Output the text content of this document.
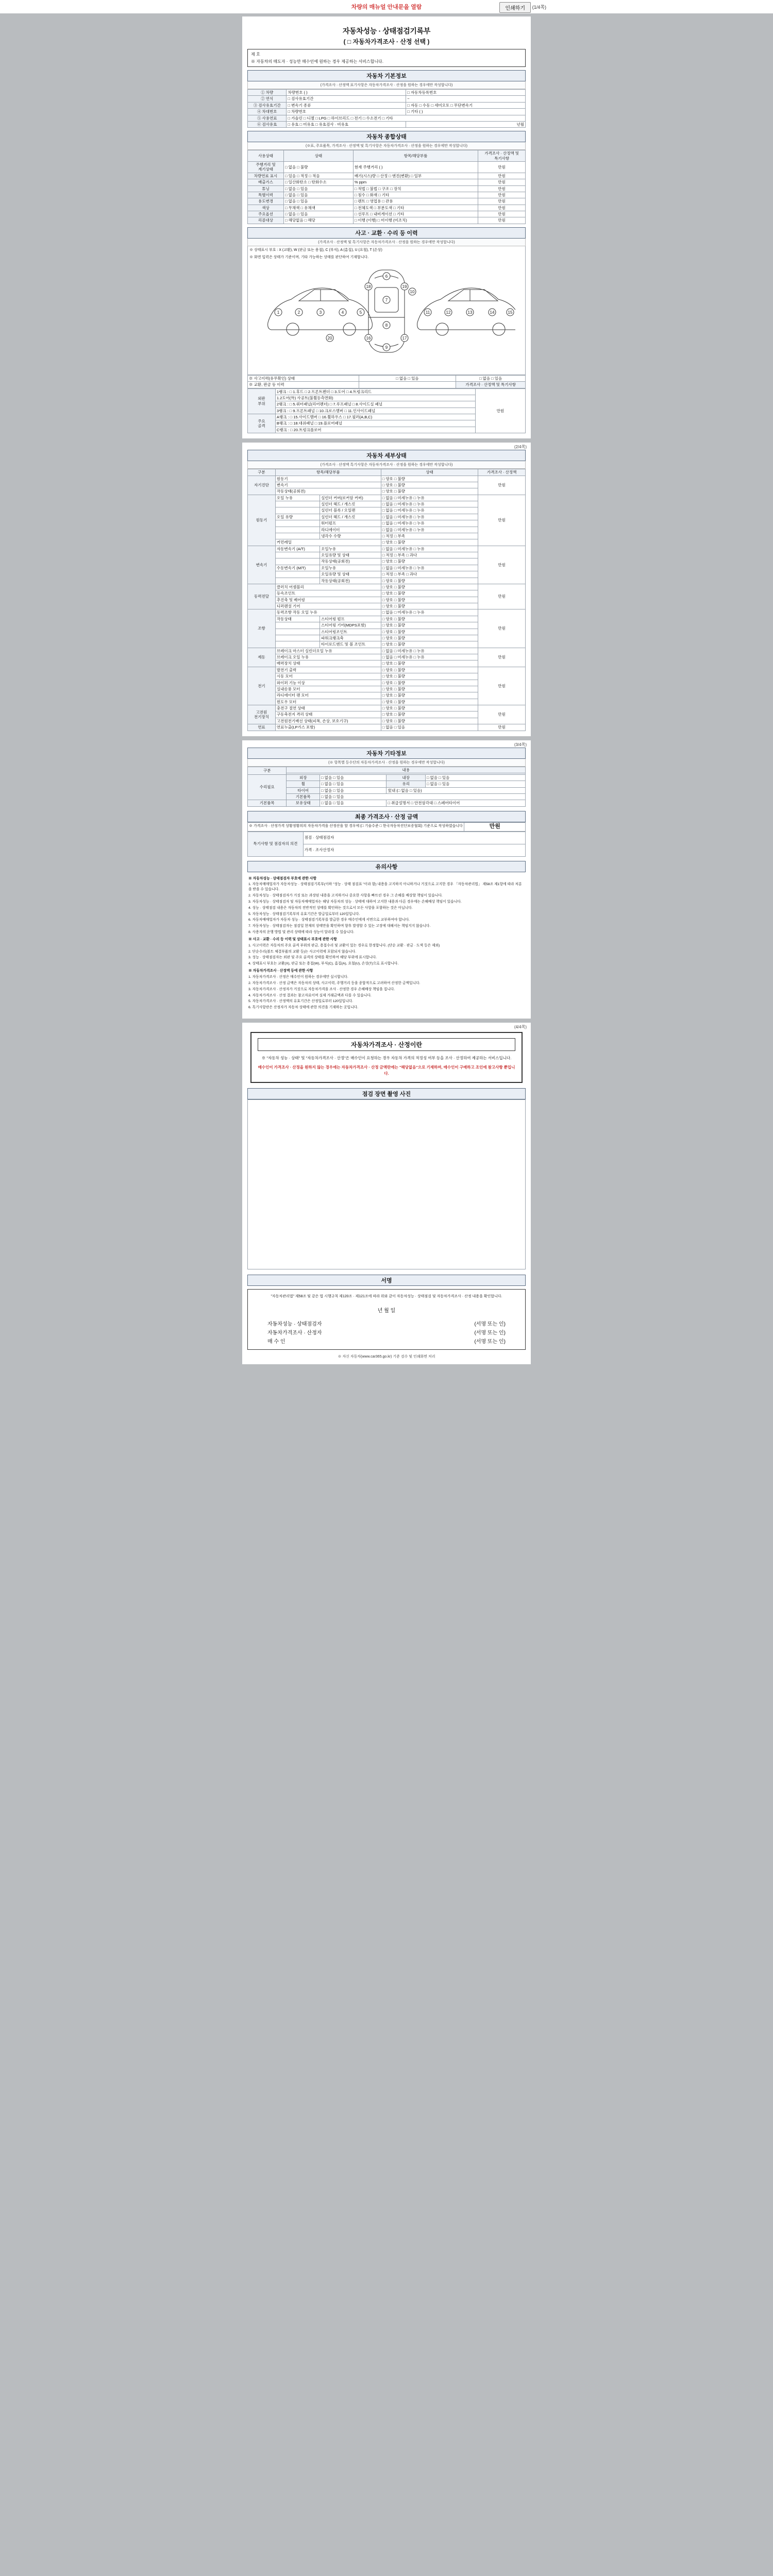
차량의 매뉴얼 안내문을 열람	인쇄하기	(1/4쪽)
자동차성능 · 상태점검기록부
( □ 자동차가격조사 · 산정 선택 )
제 호
※ 자동차의 매도자 · 성능만 매수인에 원하는 경우 제공하는 서비스합니다.
자동차 기본정보
(가격조사 · 산정액 표기사항은 자동차가격조사 · 산정을 원하는 경우에만 작성합니다)
① 차량	차량번호 ( )	□ 자동차등록번호
② 연식	□ 검사유효기간	~
③ 검사유효기간	□ 변속기 종류	□ 자동 □ 수동 □ 세미오토 □ 무단변속기
④ 차대번호	□ 차량번호	□ 기타 ( )
⑤ 사용연료	□ 가솔린 □ 디젤 □ LPG □ 하이브리드 □ 전기 □ 수소전기 □ 기타	
⑥ 검사유효	□ 유효 □ 미유효 □ 유효검사 · 비유효	년월
자동차 종합상태
(※표, 주요품목, 가격조사 · 산정액 및 특기사항은 자동차가격조사 · 산정을 원하는 경우에만 작성합니다)
사용상태	상태	항목/해당부품	가격조사 · 산정액 및 특기사항
주행거리 및 계기상태	□ 없음 □ 불량	현재 주행거리 ( )	만원
차량연료 표시	□ 있음 □ 적정 □ 적음	배기(시스)량 □ 산정 □ 엔진(변환) □ 일부	만원
배출가스	□ 일산화탄소 □ 탄화수소	% ppm	만원
튜닝	□ 없음 □ 있음	□ 적법 □ 불법 □ 구조 □ 장치	만원
특별이력	□ 없음 □ 있음	□ 침수 □ 화재 □ 기타	만원
용도변경	□ 없음 □ 있음	□ 렌트 □ 영업용 □ 관용	만원
색상	□ 무채색 □ 유채색	□ 전체도색 □ 부분도색 □ 기타	만원
주요옵션	□ 없음 □ 있음	□ 선루프 □ 내비게이션 □ 기타	만원
리콜대상	□ 해당없음 □ 해당	□ 이행 (이행) □ 미이행 (미조치)	만원
사고 · 교환 · 수리 등 이력
(가격조사 · 산정액 및 특기사항은 자동차가격조사 · 산정을 원하는 경우에만 작성합니다)
※ 상태표시 부호 : X (교환), W (판금 또는 용접), C (부식), A (흠집), U (요철), T (손상)
※ 화면 입력은 상태가 기준이며, 기타 가능하는 상태를 판단하여 기재합니다.
1	2	3	4	5
6
7
8
9
10
11	12	13	14	15
16	17
18	19
20
※ 사고이력(유무확인) 상태	□ 없음 □ 있음	□ 없음 □ 있음
※ 교환, 판금 등 이력		가격조사 · 산정액 및 특기사항
외판
부위	1랭크 : □ 1.후드 □ 2.프론트펜더 □ 3.도어 □ 4.트렁크리드	만원
	1.2도어(外) 사공트(불휠등측면화)	
	2랭크 : □ 5.쿼터패널(리어펜더) □ 7.루프패널 □ 8.사이드실 패널	
	3랭크 : □ 9.프론트패널 □ 10.크로스멤버 □ 11.인사이드패널	
주요
골격	A랭크 : □ 15.사이드멤버 □ 16.휠하우스 □ 17.필러(A,B,C)	
	B랭크 : □ 18.대쉬패널 □ 19.플로어패널	
	C랭크 : □ 20.트렁크플로어	
(2/4쪽)
자동차 세부상태
(가격조사 · 산정액 특기사항은 자동차가격조사 · 산정을 원하는 경우에만 작성합니다)
구분	항목/해당부품		상태	가격조사 · 산정액
자기진단	원동기		□ 양호 □ 불량	만원
	변속기		□ 양호 □ 불량	
	작동상태(공회전)		□ 양호 □ 불량	
원동기	오일 누유	실린더 커버(로커암 커버)	□ 없음 □ 미세누유 □ 누유	만원
		실린더 헤드 / 개스킷	□ 없음 □ 미세누유 □ 누유	
		실린더 블록 / 오일팬	□ 없음 □ 미세누유 □ 누유	
	오일 유량	실린더 헤드 / 개스킷	□ 없음 □ 미세누유 □ 누유	
		워터펌프	□ 없음 □ 미세누유 □ 누유	
		라디에이터	□ 없음 □ 미세누유 □ 누유	
		냉각수 수량	□ 적정 □ 부족	
	커먼레일		□ 양호 □ 불량	
변속기	자동변속기 (A/T)	오일누유	□ 없음 □ 미세누유 □ 누유	만원
		오일유량 및 상태	□ 적정 □ 부족 □ 과다	
		작동상태(공회전)	□ 양호 □ 불량	
	수동변속기 (M/T)	오일누유	□ 없음 □ 미세누유 □ 누유	
		오일유량 및 상태	□ 적정 □ 부족 □ 과다	
		작동상태(공회전)	□ 양호 □ 불량	
동력전달	클러치 어셈블리		□ 양호 □ 불량	만원
	등속조인트		□ 양호 □ 불량	
	추진축 및 베어링		□ 양호 □ 불량	
	디퍼렌셜 기어		□ 양호 □ 불량	
조향	동력조향 작동 오일 누유		□ 없음 □ 미세누유 □ 누유	만원
	작동상태	스티어링 펌프	□ 양호 □ 불량	
		스티어링 기어(MDPS포함)	□ 양호 □ 불량	
		스티어링조인트	□ 양호 □ 불량	
		파워크랭크축	□ 양호 □ 불량	
		타이로드엔드 및 볼 조인트	□ 양호 □ 불량	
제동	브레이크 마스터 실린더오일 누유		□ 없음 □ 미세누유 □ 누유	만원
	브레이크 오일 누유		□ 없음 □ 미세누유 □ 누유	
	배력장치 상태		□ 양호 □ 불량	
전기	발전기 출력		□ 양호 □ 불량	만원
	시동 모터		□ 양호 □ 불량	
	와이퍼 기능 이상		□ 양호 □ 불량	
	실내송풍 모터		□ 양호 □ 불량	
	라디에이터 팬 모터		□ 양호 □ 불량	
	윈도우 모터		□ 양호 □ 불량	
고전원 전기장치	충전구 절연 상태		□ 양호 □ 불량	만원
	구동축전지 격리 상태		□ 양호 □ 불량	
	고전원전기배선 상태(피복, 손상, 보호기구)		□ 양호 □ 불량	
연료	연료누출(LP가스 포함)		□ 없음 □ 있음	만원
(3/4쪽)
자동차 기타정보
(※ 항목별 등수단의 자동차가격조사 · 산정을 원하는 경우에만 작성합니다)
구분	내용			

수리필요	외장	□ 없음 □ 있음	내장	□ 없음 □ 있음
	휠	□ 없음 □ 있음	유리	□ 없음 □ 있음
	타이어	□ 없음 □ 있음	室내 (□ 없음 □ 있음)	
	기본품목	□ 없음 □ 있음		
기본품목	보유상태	□ 없음 □ 있음	□ 취급설명서 □ 안전삼각대 □ 스페어타이어	
최종 가격조사 · 산정 금액
※ 가격조사 · 산정가격 상황정황의의 자동차가격을 산정산을 할 경우에 (□ 기술수준 □ 한국자동차진단보증협회) 기준으로 작성하였습니다	만원
특기사항 및 점검자의 의견	점검 · 상태점검자
가격 · 조사산정자
유의사항

※ 자동차성능 · 상태점검자 부호에 관한 사항

1. 자동차매매업자가 자동차성능 · 상태점검기록부(이하 "성능 · 상태 점검표 "이라 함) 내용을 고지하지 아니하거나 거짓으로 고지한 경우 「자동차관리법」 제58조 제1항에 따라 처분을 받을 수 있습니다.

2. 자동차성능 · 상태점검자가 거짓 또는 과장된 내용을 고지하거나 중요한 사항을 빠뜨린 경우 그 손해를 배상할 책임이 있습니다.

3. 자동차성능 · 상태점검자 및 자동차매매업자는 해당 자동차의 성능 · 상태에 대하여 고지한 내용과 다른 경우에는 손해배상 책임이 있습니다.

4. 성능 · 상태점검 내용은 자동차의 전반적인 상태를 확인하는 것으로서 모든 사항을 포함하는 것은 아닙니다.

5. 자동차성능 · 상태점검기록부의 유효기간은 발급일로부터 120일입니다.

6. 자동차매매업자가 자동차 성능 · 상태점검기록부를 발급한 경우 매수인에게 서면으로 교부하여야 합니다.

7. 자동차성능 · 상태점검자는 점검일 현재의 상태만을 확인하며 향후 발생할 수 있는 고장에 대해서는 책임지지 않습니다.

8. 사용자의 운행 방법 및 관리 상태에 따라 성능이 달라질 수 있습니다.

※ 사고 · 교환 · 수리 등 이력 및 상태표시 부호에 관한 사항

1. 사고이력은 자동차의 주요 골격 부위의 판금, 용접수리 및 교환이 있는 경우로 한정합니다. (단순 교환 · 판금 · 도색 등은 제외)

2. 단순수리(볼트 체결부품의 교환 등)는 사고이력에 포함되지 않습니다.

3. 성능 · 상태점검자는 외판 및 주요 골격의 상태를 확인하여 해당 부위에 표시합니다.

4. 상태표시 부호는 교환(X), 판금 또는 용접(W), 부식(C), 흠집(A), 요철(U), 손상(T)으로 표시합니다.

※ 자동차가격조사 · 산정액 등에 관한 사항

1. 자동차가격조사 · 산정은 매수인이 원하는 경우에만 실시합니다.

2. 자동차가격조사 · 산정 금액은 자동차의 상태, 사고이력, 주행거리 등을 종합적으로 고려하여 산정한 금액입니다.

3. 자동차가격조사 · 산정자가 거짓으로 자동차가격을 조사 · 산정한 경우 손해배상 책임을 집니다.

4. 자동차가격조사 · 산정 결과는 참고자료이며 실제 거래금액과 다를 수 있습니다.

5. 자동차가격조사 · 산정액의 유효기간은 산정일로부터 120일입니다.

6. 특기사항란은 산정자가 자동차 상태에 관한 의견을 기재하는 곳입니다.

(4/4쪽)
자동차가격조사 · 산정이란
※ "자동차 성능 · 상태" 및 "자동차가격조사 · 산정"은 매수인이 요청하는 경우 자동차 가격의 적정성 여부 등을 조사 · 산정하여 제공하는 서비스입니다.
매수인이 가격조사 · 산정을 원하지 않는 경우에는 자동차가격조사 · 산정 금액란에는 "해당없음"으로 기재하며, 매수인이 구매하고 조인에 참고사항 뿐입니다.
점검 장면 촬영 사진
서명
"자동차관리법" 제58조 및 같은 법 시행규칙 제120조 · 제121조에 따라 위와 같이 자동차성능 · 상태점검 및 자동차가격조사 · 산정 내용을 확인합니다.
년 월 일
자동차성능 · 상태점검자	(서명 또는 인)
자동차가격조사 · 산정자	(서명 또는 인)
매 수 인	(서명 또는 인)
※ 자신 자동차(www.car365.go.kr) 기준 검수 및 인쇄화면 처리
